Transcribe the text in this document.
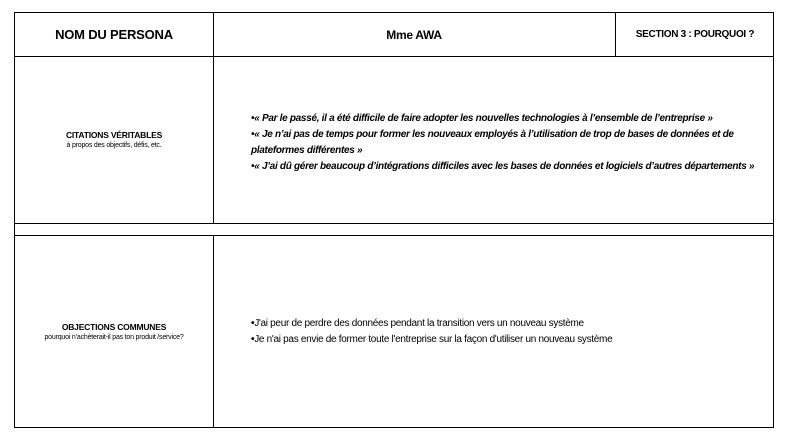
NOM DU PERSONA	Mme AWA	SECTION 3 : POURQUOI ?
CITATIONS VÉRITABLES
à propos des objectifs, défis, etc.
•« Par le passé, il a été difficile de faire adopter les nouvelles technologies à l’ensemble de l’entreprise »
•« Je n’ai pas de temps pour former les nouveaux employés à l’utilisation de trop de bases de données et de plateformes différentes »
•« J’ai dû gérer beaucoup d’intégrations difficiles avec les bases de données et logiciels d’autres départements »
OBJECTIONS COMMUNES
pourquoi n’achèterait-il pas ton produit /service?
•J'ai peur de perdre des données pendant la transition vers un nouveau système
•Je n'ai pas envie de former toute l'entreprise sur la façon d'utiliser un nouveau système
